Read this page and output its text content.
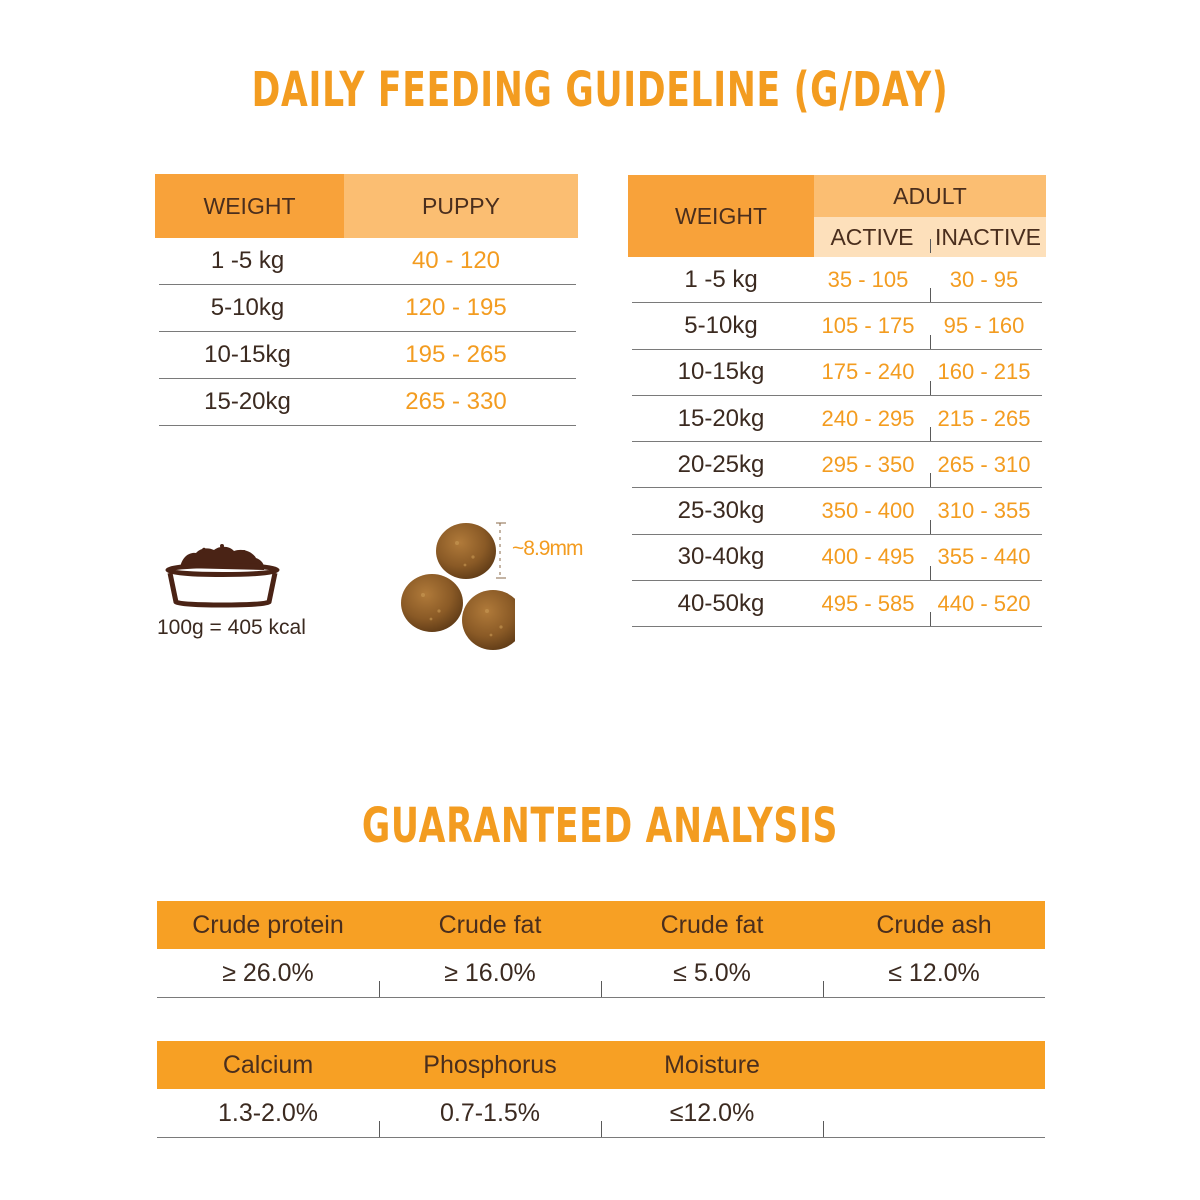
DAILY FEEDING GUIDELINE (G/DAY)
WEIGHT	PUPPY
1 -5 kg	40 - 120
5-10kg	120 - 195
10-15kg	195 - 265
15-20kg	265 - 330
WEIGHT
ADULT
ACTIVE INACTIVE
1 -5 kg	35 - 105	30 - 95
5-10kg	105 - 175	95 - 160
10-15kg	175 - 240	160 - 215
15-20kg	240 - 295	215 - 265
20-25kg	295 - 350	265 - 310
25-30kg	350 - 400	310 - 355
30-40kg	400 - 495	355 - 440
40-50kg	495 - 585	440 - 520
100g = 405 kcal
~8.9mm
GUARANTEED ANALYSIS
Crude protein	Crude fat	Crude fat	Crude ash
≥ 26.0%	≥ 16.0%	≤ 5.0%	≤ 12.0%
Calcium	Phosphorus	Moisture
1.3-2.0%	0.7-1.5%	≤12.0%
